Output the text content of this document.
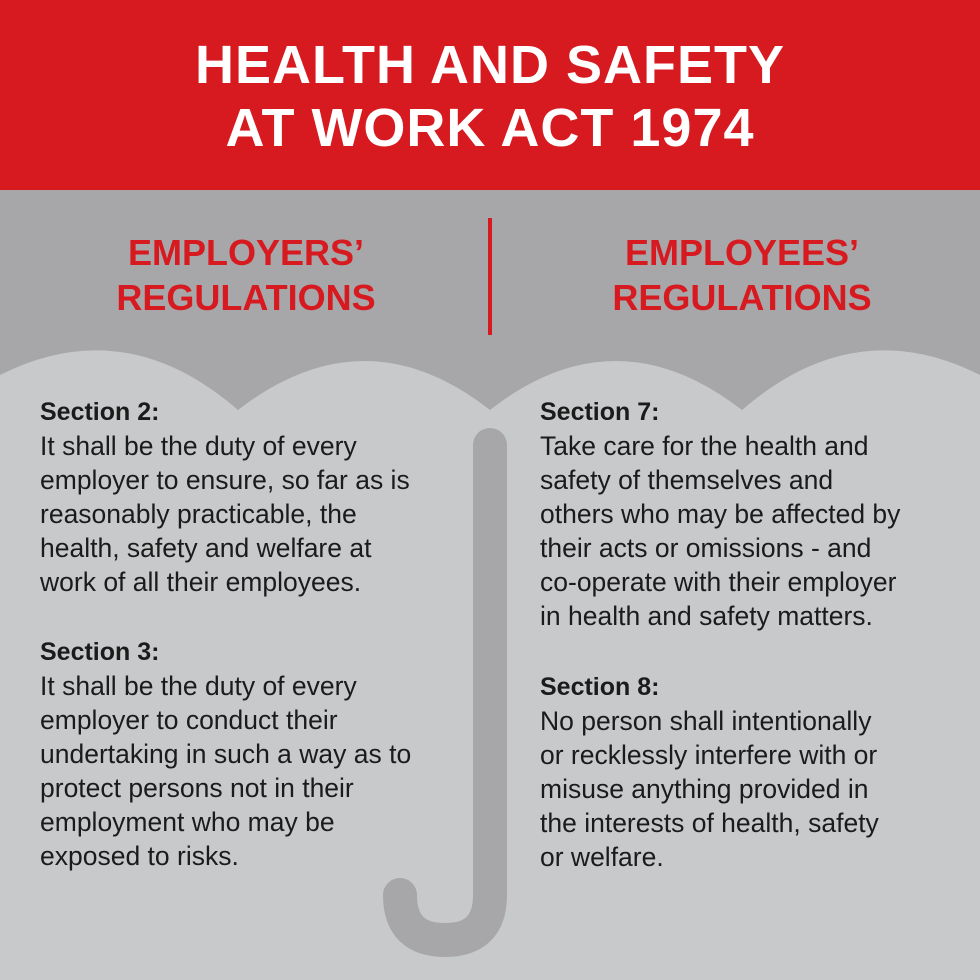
HEALTH AND SAFETY
AT WORK ACT 1974
EMPLOYERS’
REGULATIONS
EMPLOYEES’
REGULATIONS
Section 2:
It shall be the duty of every
employer to ensure, so far as is
reasonably practicable, the
health, safety and welfare at
work of all their employees.
Section 3:
It shall be the duty of every
employer to conduct their
undertaking in such a way as to
protect persons not in their
employment who may be
exposed to risks.
Section 7:
Take care for the health and
safety of themselves and
others who may be affected by
their acts or omissions - and
co-operate with their employer
in health and safety matters.
Section 8:
No person shall intentionally
or recklessly interfere with or
misuse anything provided in
the interests of health, safety
or welfare.
